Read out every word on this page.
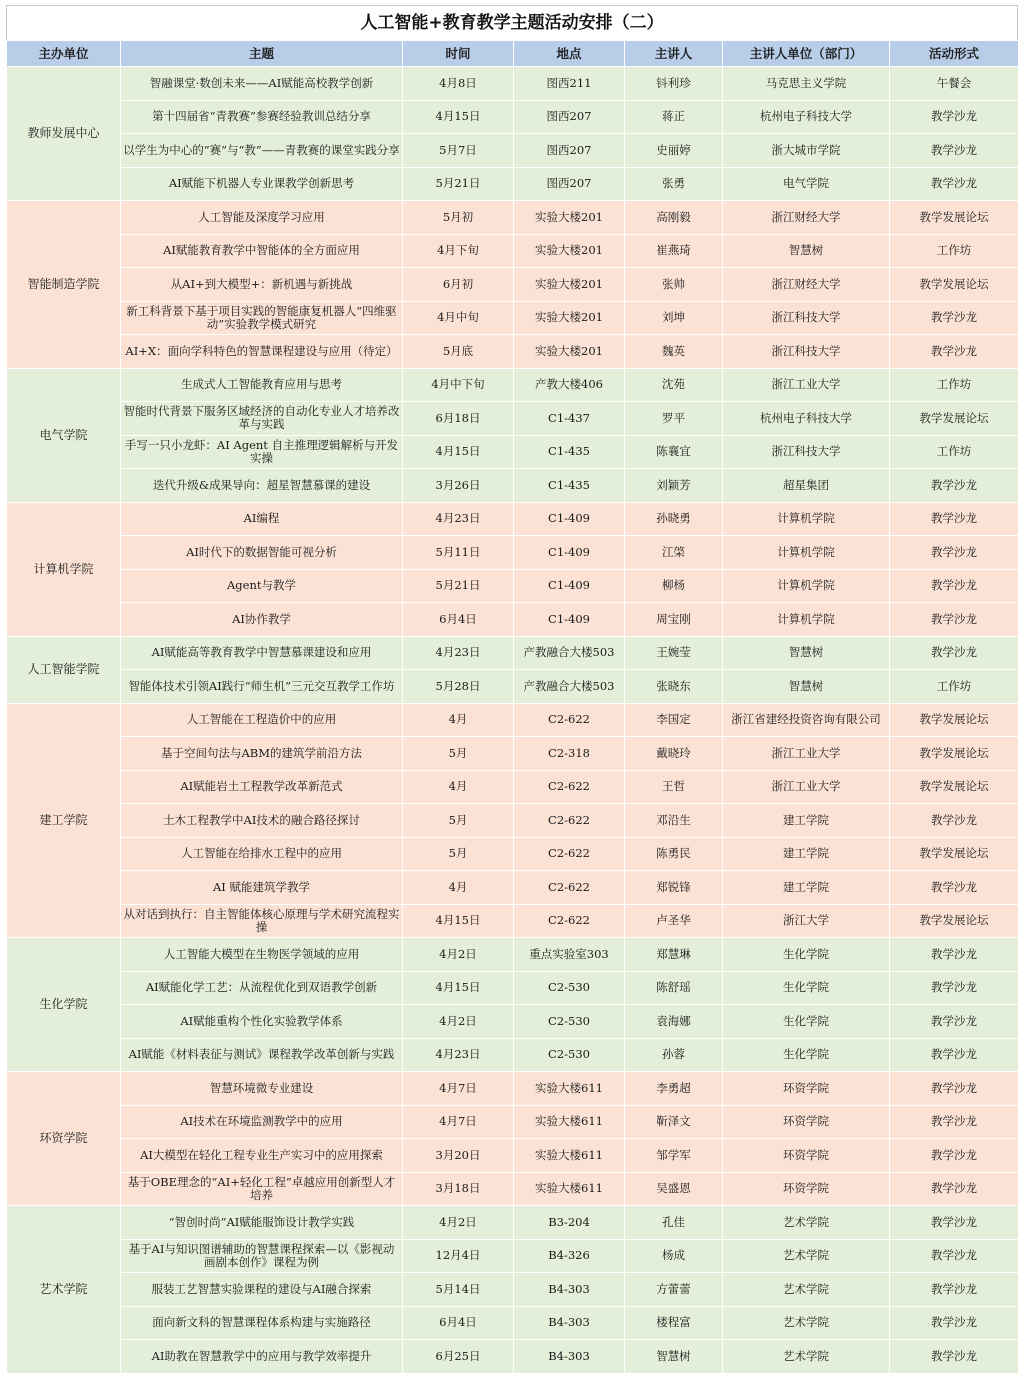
人工智能+教育教学主题活动安排（二）
主办单位	主题	时间	地点	主讲人	主讲人单位（部门）	活动形式
教师发展中心	智融课堂·数创未来——AI赋能高校教学创新	4月8日	图西211	钭利珍	马克思主义学院	午餐会
	第十四届省“青教赛”参赛经验教训总结分享	4月15日	图西207	蒋正	杭州电子科技大学	教学沙龙
	以学生为中心的“赛”与“教”——青教赛的课堂实践分享	5月7日	图西207	史丽婷	浙大城市学院	教学沙龙
	AI赋能下机器人专业课教学创新思考	5月21日	图西207	张勇	电气学院	教学沙龙
智能制造学院	人工智能及深度学习应用	5月初	实验大楼201	高刚毅	浙江财经大学	教学发展论坛
	AI赋能教育教学中智能体的全方面应用	4月下旬	实验大楼201	崔燕琦	智慧树	工作坊
	从AI+到大模型+：新机遇与新挑战	6月初	实验大楼201	张帅	浙江财经大学	教学发展论坛
	新工科背景下基于项目实践的智能康复机器人“四维驱动”实验教学模式研究	4月中旬	实验大楼201	刘坤	浙江科技大学	教学沙龙
	AI+X：面向学科特色的智慧课程建设与应用（待定）	5月底	实验大楼201	魏英	浙江科技大学	教学沙龙
电气学院	生成式人工智能教育应用与思考	4月中下旬	产教大楼406	沈苑	浙江工业大学	工作坊
	智能时代背景下服务区域经济的自动化专业人才培养改革与实践	6月18日	C1-437	罗平	杭州电子科技大学	教学发展论坛
	手写一只小龙虾：AI Agent 自主推理逻辑解析与开发实操	4月15日	C1-435	陈襄宜	浙江科技大学	工作坊
	迭代升级&成果导向：超星智慧慕课的建设	3月26日	C1-435	刘颖芳	超星集团	教学沙龙
计算机学院	AI编程	4月23日	C1-409	孙晓勇	计算机学院	教学沙龙
	AI时代下的数据智能可视分析	5月11日	C1-409	江棨	计算机学院	教学沙龙
	Agent与教学	5月21日	C1-409	柳杨	计算机学院	教学沙龙
	AI协作教学	6月4日	C1-409	周宝刚	计算机学院	教学沙龙
人工智能学院	AI赋能高等教育教学中智慧慕课建设和应用	4月23日	产教融合大楼503	王婉莹	智慧树	教学沙龙
	智能体技术引领AI践行“师生机”三元交互教学工作坊	5月28日	产教融合大楼503	张晓东	智慧树	工作坊
建工学院	人工智能在工程造价中的应用	4月	C2-622	李国定	浙江省建经投资咨询有限公司	教学发展论坛
	基于空间句法与ABM的建筑学前沿方法	5月	C2-318	戴晓玲	浙江工业大学	教学发展论坛
	AI赋能岩土工程教学改革新范式	4月	C2-622	王哲	浙江工业大学	教学发展论坛
	土木工程教学中AI技术的融合路径探讨	5月	C2-622	邓沿生	建工学院	教学沙龙
	人工智能在给排水工程中的应用	5月	C2-622	陈勇民	建工学院	教学发展论坛
	AI 赋能建筑学教学	4月	C2-622	郑锐锋	建工学院	教学沙龙
	从对话到执行：自主智能体核心原理与学术研究流程实操	4月15日	C2-622	卢圣华	浙江大学	教学发展论坛
生化学院	人工智能大模型在生物医学领域的应用	4月2日	重点实验室303	郑慧琳	生化学院	教学沙龙
	AI赋能化学工艺：从流程优化到双语教学创新	4月15日	C2-530	陈舒瑶	生化学院	教学沙龙
	AI赋能重构个性化实验教学体系	4月2日	C2-530	袁海娜	生化学院	教学沙龙
	AI赋能《材料表征与测试》课程教学改革创新与实践	4月23日	C2-530	孙蓉	生化学院	教学沙龙
环资学院	智慧环境微专业建设	4月7日	实验大楼611	李勇超	环资学院	教学沙龙
	AI技术在环境监测教学中的应用	4月7日	实验大楼611	靳泽文	环资学院	教学沙龙
	AI大模型在轻化工程专业生产实习中的应用探索	3月20日	实验大楼611	邹学军	环资学院	教学沙龙
	基于OBE理念的“AI+轻化工程”卓越应用创新型人才培养	3月18日	实验大楼611	吴盛恩	环资学院	教学沙龙
艺术学院	“智创时尚”AI赋能服饰设计教学实践	4月2日	B3-204	孔佳	艺术学院	教学沙龙
	基于AI与知识图谱辅助的智慧课程探索—以《影视动画剧本创作》课程为例	12月4日	B4-326	杨成	艺术学院	教学沙龙
	服装工艺智慧实验课程的建设与AI融合探索	5月14日	B4-303	方蕾蕾	艺术学院	教学沙龙
	面向新文科的智慧课程体系构建与实施路径	6月4日	B4-303	楼程富	艺术学院	教学沙龙
	AI助教在智慧教学中的应用与教学效率提升	6月25日	B4-303	智慧树	艺术学院	教学沙龙
